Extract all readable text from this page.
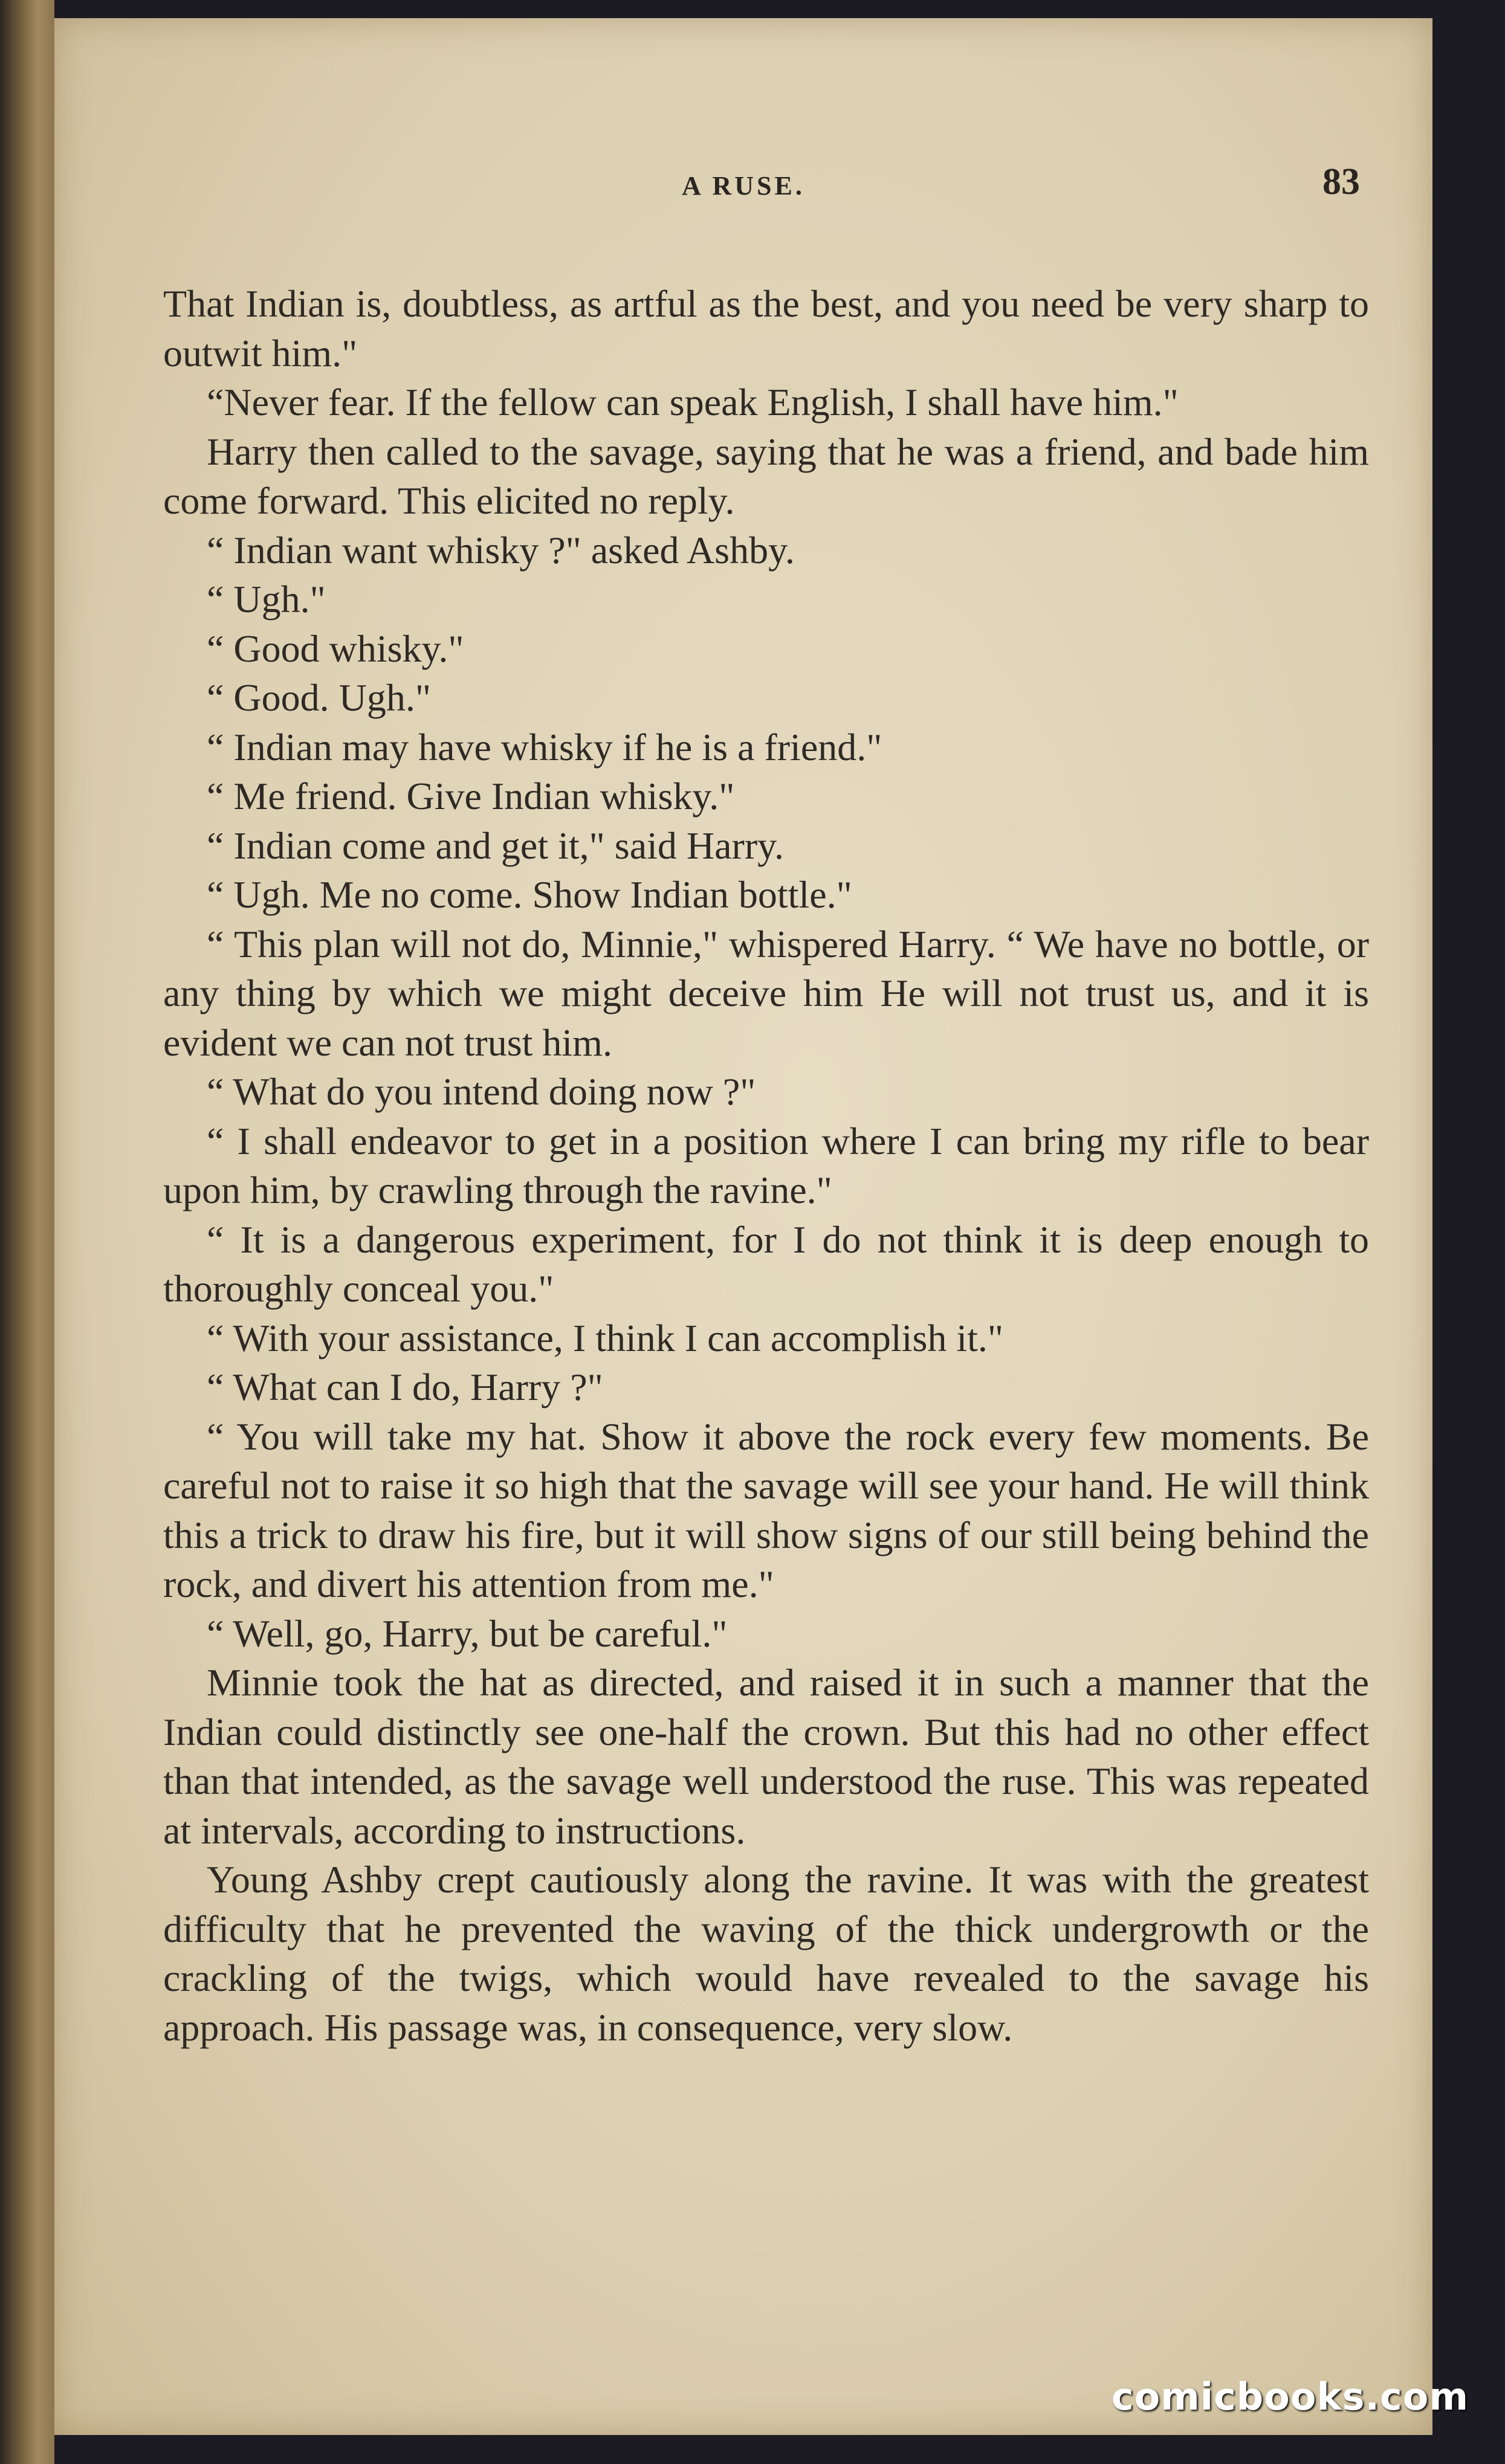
A RUSE.	83

That Indian is, doubtless, as artful as the best, and you need be very sharp to outwit him."

“Never fear. If the fellow can speak English, I shall have him."

Harry then called to the savage, saying that he was a friend, and bade him come forward. This elicited no reply.

“ Indian want whisky ?" asked Ashby.

“ Ugh."

“ Good whisky."

“ Good. Ugh."

“ Indian may have whisky if he is a friend."

“ Me friend. Give Indian whisky."

“ Indian come and get it," said Harry.

“ Ugh. Me no come. Show Indian bottle."

“ This plan will not do, Minnie," whispered Harry. “ We have no bottle, or any thing by which we might deceive him He will not trust us, and it is evident we can not trust him.

“ What do you intend doing now ?"

“ I shall endeavor to get in a position where I can bring my rifle to bear upon him, by crawling through the ravine."

“ It is a dangerous experiment, for I do not think it is deep enough to thoroughly conceal you."

“ With your assistance, I think I can accomplish it."

“ What can I do, Harry ?"

“ You will take my hat. Show it above the rock every few moments. Be careful not to raise it so high that the savage will see your hand. He will think this a trick to draw his fire, but it will show signs of our still being behind the rock, and divert his attention from me."

“ Well, go, Harry, but be careful."

Minnie took the hat as directed, and raised it in such a manner that the Indian could distinctly see one-half the crown. But this had no other effect than that intended, as the savage well understood the ruse. This was repeated at intervals, according to instructions.

Young Ashby crept cautiously along the ravine. It was with the greatest difficulty that he prevented the waving of the thick undergrowth or the crackling of the twigs, which would have revealed to the savage his approach. His passage was, in consequence, very slow.

comicbooks.com
